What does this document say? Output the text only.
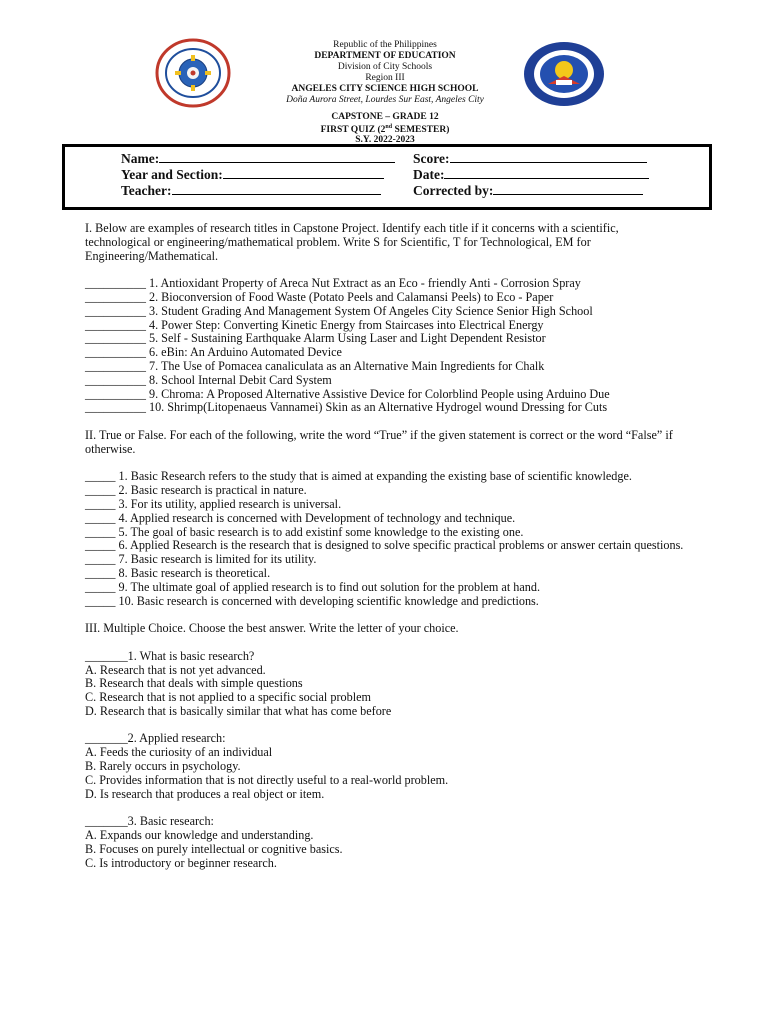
Republic of the Philippines
DEPARTMENT OF EDUCATION
Division of City Schools
Region III
ANGELES CITY SCIENCE HIGH SCHOOL
Doña Aurora Street, Lourdes Sur East, Angeles City
CAPSTONE – GRADE 12
FIRST QUIZ (2nd SEMESTER)
S.Y. 2022-2023
Name:	Score:
Year and Section:	Date:
Teacher:	Corrected by:

I. Below are examples of research titles in Capstone Project. Identify each title if it concerns with a scientific, technological or engineering/mathematical problem. Write S for Scientific, T for Technological, EM for Engineering/Mathematical.

__________ 1. Antioxidant Property of Areca Nut Extract as an Eco - friendly Anti - Corrosion Spray

__________ 2. Bioconversion of Food Waste (Potato Peels and Calamansi Peels) to Eco - Paper

__________ 3. Student Grading And Management System Of Angeles City Science Senior High School

__________ 4. Power Step: Converting Kinetic Energy from Staircases into Electrical Energy

__________ 5. Self - Sustaining Earthquake Alarm Using Laser and Light Dependent Resistor

__________ 6. eBin: An Arduino Automated Device

__________ 7. The Use of Pomacea canaliculata as an Alternative Main Ingredients for Chalk

__________ 8. School Internal Debit Card System

__________ 9. Chroma: A Proposed Alternative Assistive Device for Colorblind People using Arduino Due

__________ 10. Shrimp(Litopenaeus Vannamei) Skin as an Alternative Hydrogel wound Dressing for Cuts

II. True or False. For each of the following, write the word “True” if the given statement is correct or the word “False” if otherwise.

_____ 1. Basic Research refers to the study that is aimed at expanding the existing base of scientific knowledge.

_____ 2. Basic research is practical in nature.

_____ 3. For its utility, applied research is universal.

_____ 4. Applied research is concerned with Development of technology and technique.

_____ 5. The goal of basic research is to add existinf some knowledge to the existing one.

_____ 6. Applied Research is the research that is designed to solve specific practical problems or answer certain questions.

_____ 7. Basic research is limited for its utility.

_____ 8. Basic research is theoretical.

_____ 9. The ultimate goal of applied research is to find out solution for the problem at hand.

_____ 10. Basic research is concerned with developing scientific knowledge and predictions.

III. Multiple Choice. Choose the best answer. Write the letter of your choice.

_______1. What is basic research?

A. Research that is not yet advanced.

B. Research that deals with simple questions

C. Research that is not applied to a specific social problem

D. Research that is basically similar that what has come before

_______2. Applied research:

A. Feeds the curiosity of an individual

B. Rarely occurs in psychology.

C. Provides information that is not directly useful to a real-world problem.

D. Is research that produces a real object or item.

_______3. Basic research:

A. Expands our knowledge and understanding.

B. Focuses on purely intellectual or cognitive basics.

C. Is introductory or beginner research.
